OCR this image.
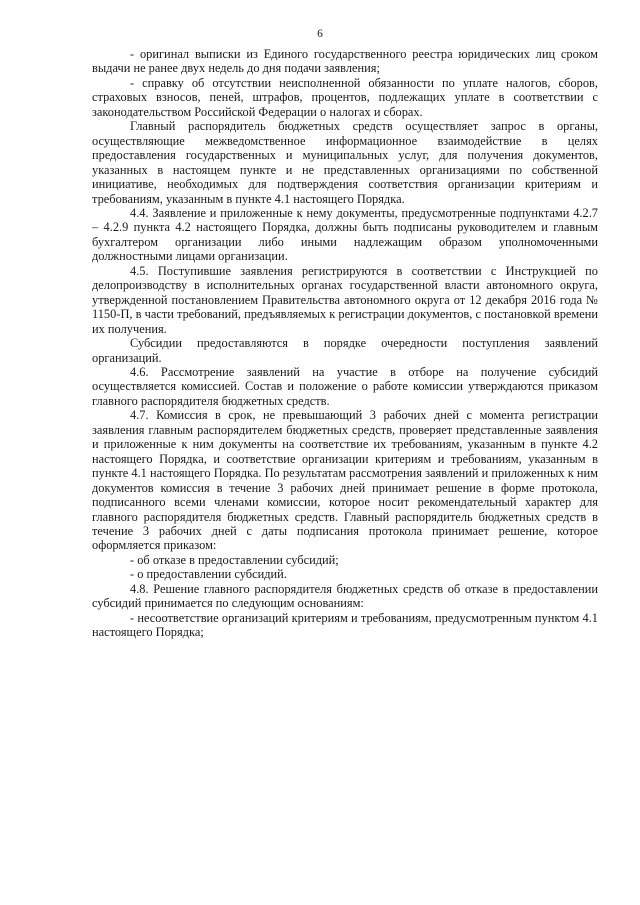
6

- оригинал выписки из Единого государственного реестра юридических лиц сроком выдачи не ранее двух недель до дня подачи заявления;

- справку об отсутствии неисполненной обязанности по уплате налогов, сборов, страховых взносов, пеней, штрафов, процентов, подлежащих уплате в соответствии с законодательством Российской Федерации о налогах и сборах.

Главный распорядитель бюджетных средств осуществляет запрос в органы, осуществляющие межведомственное информационное взаимодействие в целях предоставления государственных и муниципальных услуг, для получения документов, указанных в настоящем пункте и не представленных организациями по собственной инициативе, необходимых для подтверждения соответствия организации критериям и требованиям, указанным в пункте 4.1 настоящего Порядка.

4.4. Заявление и приложенные к нему документы, предусмотренные подпунктами 4.2.7 – 4.2.9 пункта 4.2 настоящего Порядка, должны быть подписаны руководителем и главным бухгалтером организации либо иными надлежащим образом уполномоченными должностными лицами организации.

4.5. Поступившие заявления регистрируются в соответствии с Инструкцией по делопроизводству в исполнительных органах государственной власти автономного округа, утвержденной постановлением Правительства автономного округа от 12 декабря 2016 года № 1150-П, в части требований, предъявляемых к регистрации документов, с постановкой времени их получения.

Субсидии предоставляются в порядке очередности поступления заявлений организаций.

4.6. Рассмотрение заявлений на участие в отборе на получение субсидий осуществляется комиссией. Состав и положение о работе комиссии утверждаются приказом главного распорядителя бюджетных средств.

4.7. Комиссия в срок, не превышающий 3 рабочих дней с момента регистрации заявления главным распорядителем бюджетных средств, проверяет представленные заявления и приложенные к ним документы на соответствие их требованиям, указанным в пункте 4.2 настоящего Порядка, и соответствие организации критериям и требованиям, указанным в пункте 4.1 настоящего Порядка. По результатам рассмотрения заявлений и приложенных к ним документов комиссия в течение 3 рабочих дней принимает решение в форме протокола, подписанного всеми членами комиссии, которое носит рекомендательный характер для главного распорядителя бюджетных средств. Главный распорядитель бюджетных средств в течение 3 рабочих дней с даты подписания протокола принимает решение, которое оформляется приказом:

- об отказе в предоставлении субсидий;

- о предоставлении субсидий.

4.8. Решение главного распорядителя бюджетных средств об отказе в предоставлении субсидий принимается по следующим основаниям:

- несоответствие организаций критериям и требованиям, предусмотренным пунктом 4.1 настоящего Порядка;
